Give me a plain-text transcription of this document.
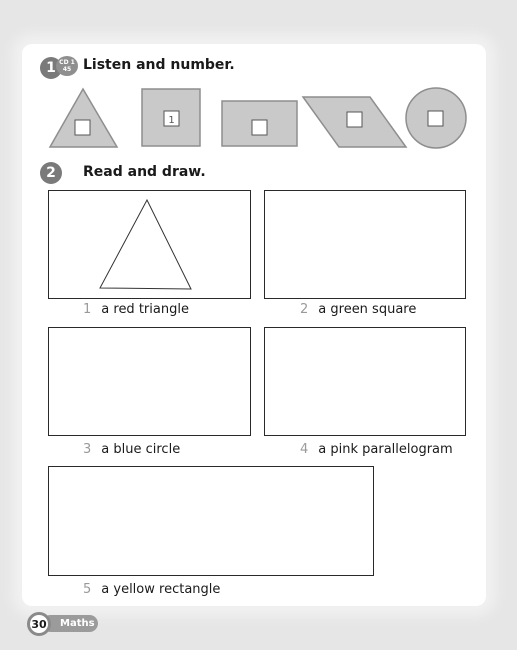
1 CD 1
45 Listen and number.
1
2 Read and draw.
1 a red triangle	2 a green square
3 a blue circle	4 a pink parallelogram
5 a yellow rectangle
Maths
30
